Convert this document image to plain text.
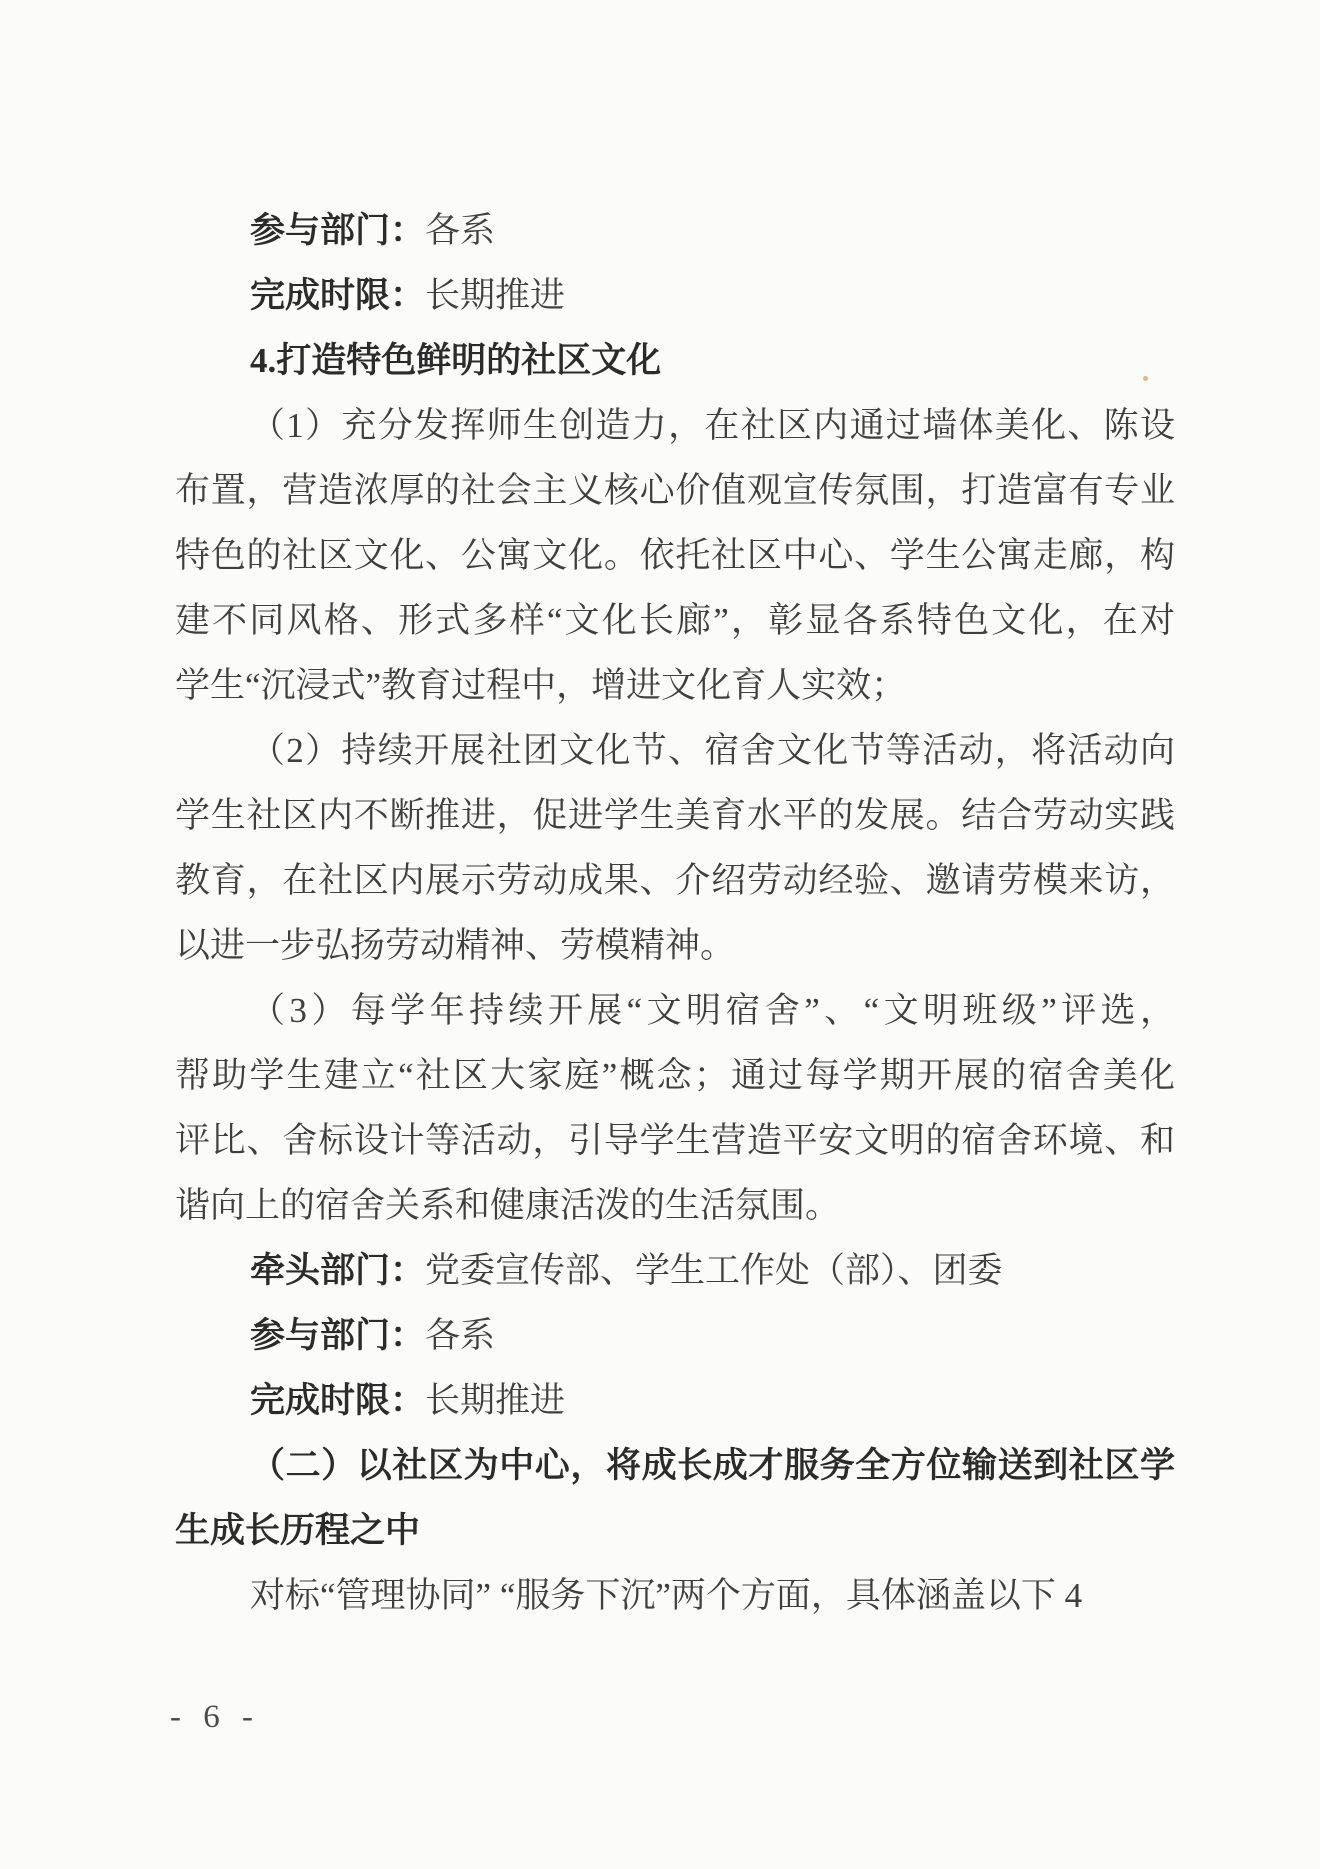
参与部门：各系
完成时限：长期推进
4.打造特色鲜明的社区文化
（1）充分发挥师生创造力，在社区内通过墙体美化、陈设
布置，营造浓厚的社会主义核心价值观宣传氛围，打造富有专业
特色的社区文化、公寓文化。依托社区中心、学生公寓走廊，构
建不同风格、形式多样“文化长廊”，彰显各系特色文化，在对
学生“沉浸式”教育过程中，增进文化育人实效；
（2）持续开展社团文化节、宿舍文化节等活动，将活动向
学生社区内不断推进，促进学生美育水平的发展。结合劳动实践
教育，在社区内展示劳动成果、介绍劳动经验、邀请劳模来访，
以进一步弘扬劳动精神、劳模精神。
（3）每学年持续开展“文明宿舍”、“文明班级”评选，
帮助学生建立“社区大家庭”概念；通过每学期开展的宿舍美化
评比、舍标设计等活动，引导学生营造平安文明的宿舍环境、和
谐向上的宿舍关系和健康活泼的生活氛围。
牵头部门：党委宣传部、学生工作处（部）、团委
参与部门：各系
完成时限：长期推进
（二）以社区为中心，将成长成才服务全方位输送到社区学
生成长历程之中
对标“管理协同” “服务下沉”两个方面，具体涵盖以下 4
- 6 -
